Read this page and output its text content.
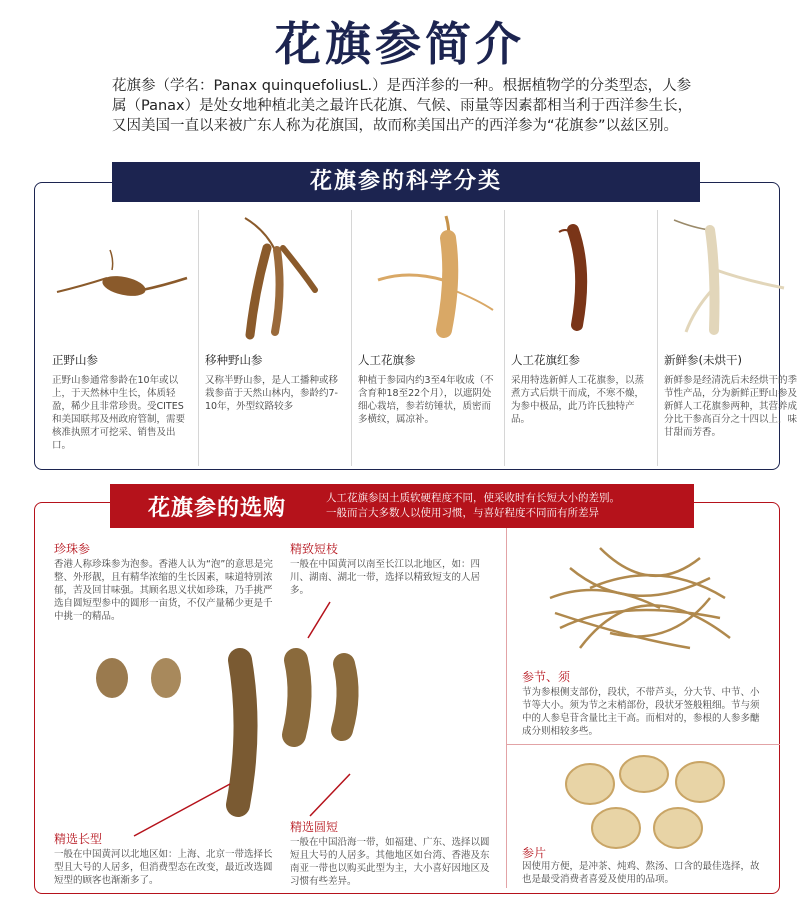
花旗参简介
花旗参（学名：Panax quinquefoliusL.）是西洋参的一种。根据植物学的分类型态，人参属（Panax）是处女地种植北美之最许氏花旗、气候、雨量等因素都相当利于西洋参生长，又因美国一直以来被广东人称为花旗国，故而称美国出产的西洋参为“花旗参”以兹区别。
花旗参的科学分类
正野山参
正野山参通常参龄在10年或以上，于天然林中生长，体质轻盈，稀少且非常珍贵。受CITES和美国联邦及州政府管制，需要核准执照才可挖采、销售及出口。
移种野山参
又称半野山参，是人工播种或移栽参苗于天然山林内，参龄约7-10年，外型纹路较多
人工花旗参
种植于参园内约3至4年收成（不含育种18至22个月），以遮阴处细心栽培，参若纺锤状，质密而多横纹，属凉补。
人工花旗红参
采用特选新鲜人工花旗参，以蒸煮方式后烘干而成，不寒不燥，为参中极品，此乃许氏独特产品。
新鲜参(未烘干)
新鲜参是经清洗后未经烘干的季节性产品，分为新鲜正野山参及新鲜人工花旗参两种，其营养成分比干参高百分之十四以上，味甘甜而芳香。
花旗参的选购	人工花旗参因土质软硬程度不同，使采收时有长短大小的差别。
一般而言大多数人以使用习惯，与喜好程度不同而有所差异
珍珠参
香港人称珍珠参为泡参。香港人认为“泡”的意思是完整、外形靓，且有精华浓缩的生长因素，味道特别浓郁，苦及回甘味强。其顾名思义状如珍珠，乃手挑严选自圆短型参中的圆形一亩货，不仅产量稀少更是千中挑一的精品。
精致短枝
一般在中国黄河以南至长江以北地区，如：四川、湖南、湖北一带，选择以精致短支的人居多。
精选长型
一般在中国黄河以北地区如：上海、北京一带选择长型且大号的人居多，但消费型态在改变，最近改选圆短型的顾客也渐渐多了。
精选圆短
一般在中国沿海一带，如福建、广东、选择以圆短且大号的人居多。其他地区如台湾、香港及东南亚一带也以购买此型为主，大小喜好因地区及习惯有些差异。
参节、须
节为参根侧支部份，段状，不带芦头，分大节、中节、小节等大小。须为节之末梢部份，段状牙签般粗细。节与须中的人参皂苷含量比主干高。而相对的，参根的人参多醣成分则相较多些。
参片
因使用方便，是冲茶、炖鸡、熬汤、口含的最佳选择，故也是最受消费者喜爱及使用的品项。
